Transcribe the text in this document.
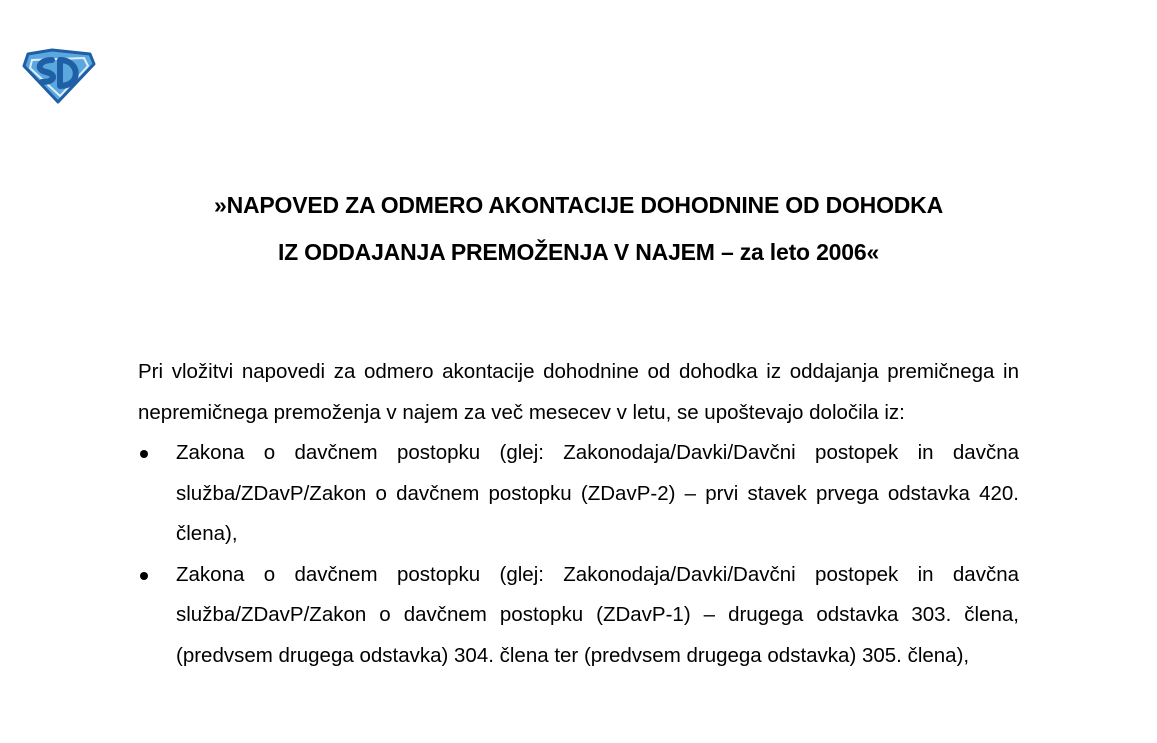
»NAPOVED ZA ODMERO AKONTACIJE DOHODNINE OD DOHODKA
IZ ODDAJANJA PREMOŽENJA V NAJEM – za leto 2006«

Pri vložitvi napovedi za odmero akontacije dohodnine od dohodka iz oddajanja premičnega in nepremičnega premoženja v najem za več mesecev v letu, se upoštevajo določila iz:

Zakona o davčnem postopku (glej: Zakonodaja/Davki/Davčni postopek in davčna služba/ZDavP/Zakon o davčnem postopku (ZDavP-2) – prvi stavek prvega odstavka 420. člena),
Zakona o davčnem postopku (glej: Zakonodaja/Davki/Davčni postopek in davčna služba/ZDavP/Zakon o davčnem postopku (ZDavP-1) – drugega odstavka 303. člena, (predvsem drugega odstavka) 304. člena ter (predvsem drugega odstavka) 305. člena),
